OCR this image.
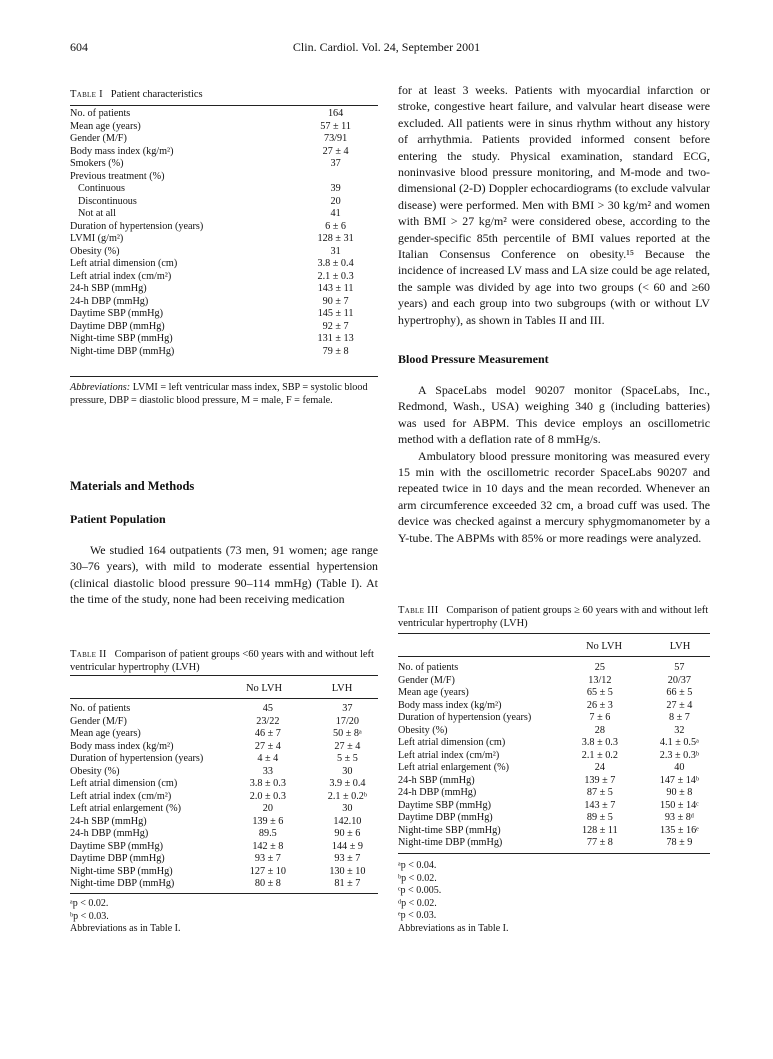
604	Clin. Cardiol. Vol. 24, September 2001
Table I Patient characteristics
No. of patients	164
Mean age (years)	57 ± 11
Gender (M/F)	73/91
Body mass index (kg/m²)	27 ± 4
Smokers (%)	37
Previous treatment (%)	
Continuous	39
Discontinuous	20
Not at all	41
Duration of hypertension (years)	6 ± 6
LVMI (g/m²)	128 ± 31
Obesity (%)	31
Left atrial dimension (cm)	3.8 ± 0.4
Left atrial index (cm/m²)	2.1 ± 0.3
24-h SBP (mmHg)	143 ± 11
24-h DBP (mmHg)	90 ± 7
Daytime SBP (mmHg)	145 ± 11
Daytime DBP (mmHg)	92 ± 7
Night-time SBP (mmHg)	131 ± 13
Night-time DBP (mmHg)	79 ± 8
Abbreviations: LVMI = left ventricular mass index, SBP = systolic blood pressure, DBP = diastolic blood pressure, M = male, F = female.
Materials and Methods
Patient Population

We studied 164 outpatients (73 men, 91 women; age range 30–76 years), with mild to moderate essential hypertension (clinical diastolic blood pressure 90–114 mmHg) (Table I). At the time of the study, none had been receiving medication

Table II Comparison of patient groups <60 years with and without left ventricular hypertrophy (LVH)
No LVH	LVH
No. of patients	45		37
Gender (M/F)	23/22		17/20
Mean age (years)	46 ± 7		50 ± 8ᵃ
Body mass index (kg/m²)	27 ± 4		27 ± 4
Duration of hypertension (years)	4 ± 4		5 ± 5
Obesity (%)	33		30
Left atrial dimension (cm)	3.8 ± 0.3		3.9 ± 0.4
Left atrial index (cm/m²)	2.0 ± 0.3		2.1 ± 0.2ᵇ
Left atrial enlargement (%)	20		30
24-h SBP (mmHg)	139 ± 6		142.10
24-h DBP (mmHg)	89.5		90 ± 6
Daytime SBP (mmHg)	142 ± 8		144 ± 9
Daytime DBP (mmHg)	93 ± 7		93 ± 7
Night-time SBP (mmHg)	127 ± 10		130 ± 10
Night-time DBP (mmHg)	80 ± 8		81 ± 7
ᵃp < 0.02.
ᵇp < 0.03.
Abbreviations as in Table I.

for at least 3 weeks. Patients with myocardial infarction or stroke, congestive heart failure, and valvular heart disease were excluded. All patients were in sinus rhythm without any history of arrhythmia. Patients provided informed consent before entering the study. Physical examination, standard ECG, noninvasive blood pressure monitoring, and M-mode and two-dimensional (2-D) Doppler echocardiograms (to exclude valvular disease) were performed. Men with BMI > 30 kg/m² and women with BMI > 27 kg/m² were considered obese, according to the gender-specific 85th percentile of BMI values reported at the Italian Consensus Conference on obesity.¹⁵ Because the incidence of increased LV mass and LA size could be age related, the sample was divided by age into two groups (< 60 and ≥60 years) and each group into two subgroups (with or without LV hypertrophy), as shown in Tables II and III.

Blood Pressure Measurement

A SpaceLabs model 90207 monitor (SpaceLabs, Inc., Redmond, Wash., USA) weighing 340 g (including batteries) was used for ABPM. This device employs an oscillometric method with a deflation rate of 8 mmHg/s.

Ambulatory blood pressure monitoring was measured every 15 min with the oscillometric recorder SpaceLabs 90207 and repeated twice in 10 days and the mean recorded. Whenever an arm circumference exceeded 32 cm, a broad cuff was used. The device was checked against a mercury sphygmomanometer by a Y-tube. The ABPMs with 85% or more readings were analyzed.

Table III Comparison of patient groups ≥ 60 years with and without left ventricular hypertrophy (LVH)
No LVH	LVH
No. of patients	25		57
Gender (M/F)	13/12		20/37
Mean age (years)	65 ± 5		66 ± 5
Body mass index (kg/m²)	26 ± 3		27 ± 4
Duration of hypertension (years)	7 ± 6		8 ± 7
Obesity (%)	28		32
Left atrial dimension (cm)	3.8 ± 0.3		4.1 ± 0.5ᵃ
Left atrial index (cm/m²)	2.1 ± 0.2		2.3 ± 0.3ᵇ
Left atrial enlargement (%)	24		40
24-h SBP (mmHg)	139 ± 7		147 ± 14ᵇ
24-h DBP (mmHg)	87 ± 5		90 ± 8
Daytime SBP (mmHg)	143 ± 7		150 ± 14ᶜ
Daytime DBP (mmHg)	89 ± 5		93 ± 8ᵈ
Night-time SBP (mmHg)	128 ± 11		135 ± 16ᵉ
Night-time DBP (mmHg)	77 ± 8		78 ± 9
ᵃp < 0.04.
ᵇp < 0.02.
ᶜp < 0.005.
ᵈp < 0.02.
ᵉp < 0.03.
Abbreviations as in Table I.
